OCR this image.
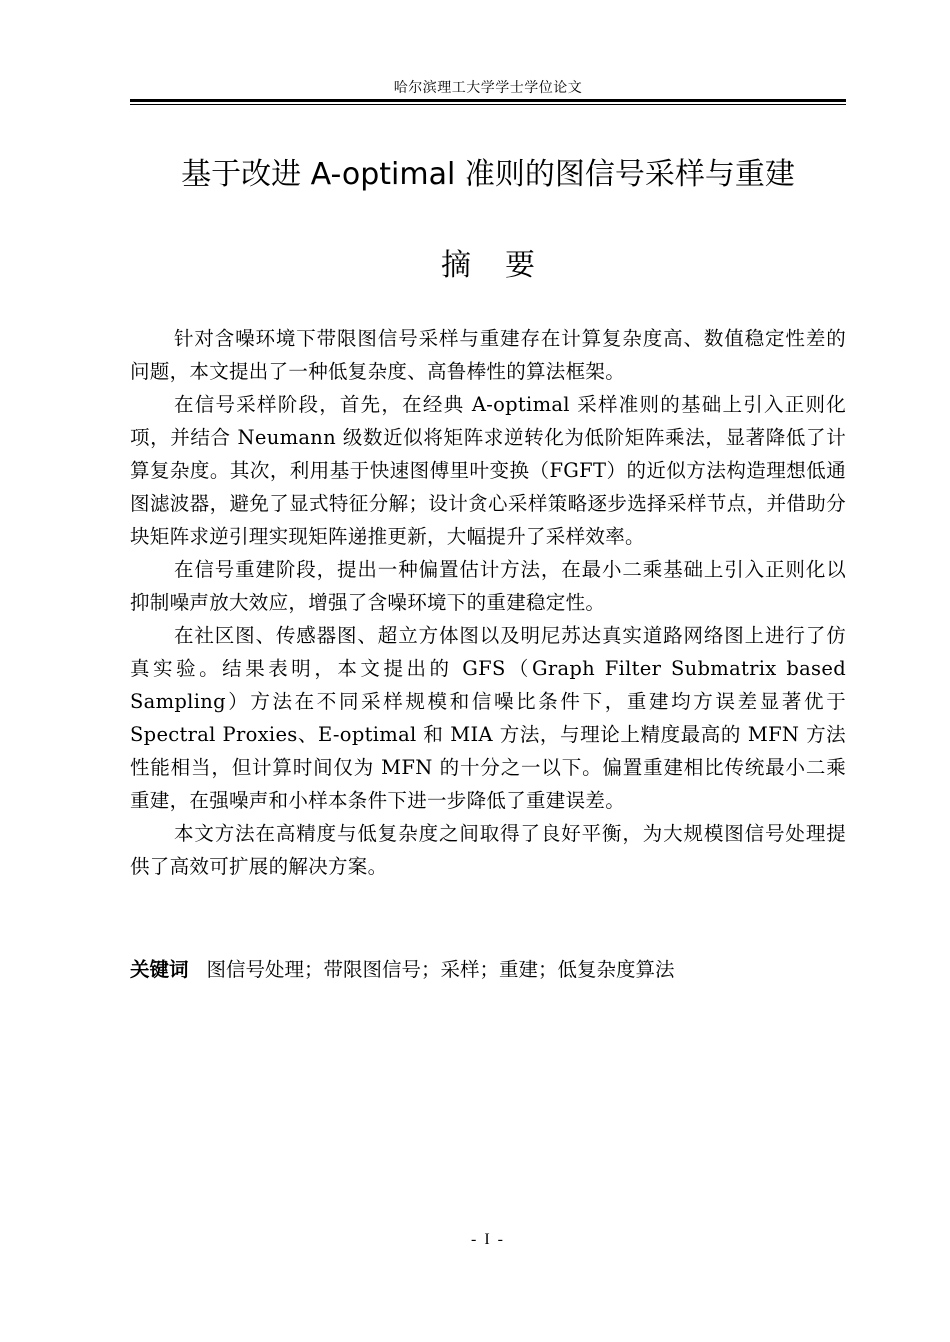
哈尔滨理工大学学士学位论文
基于改进 A-optimal 准则的图信号采样与重建
摘要

针对含噪环境下带限图信号采样与重建存在计算复杂度高、数值稳定性差的问题，本文提出了一种低复杂度、高鲁棒性的算法框架。

在信号采样阶段，首先，在经典 A-optimal 采样准则的基础上引入正则化项，并结合 Neumann 级数近似将矩阵求逆转化为低阶矩阵乘法，显著降低了计算复杂度。其次，利用基于快速图傅里叶变换（FGFT）的近似方法构造理想低通图滤波器，避免了显式特征分解；设计贪心采样策略逐步选择采样节点，并借助分块矩阵求逆引理实现矩阵递推更新，大幅提升了采样效率。

在信号重建阶段，提出一种偏置估计方法，在最小二乘基础上引入正则化以抑制噪声放大效应，增强了含噪环境下的重建稳定性。

在社区图、传感器图、超立方体图以及明尼苏达真实道路网络图上进行了仿真实验。结果表明，本文提出的 GFS（Graph Filter Submatrix based Sampling）方法在不同采样规模和信噪比条件下，重建均方误差显著优于 Spectral Proxies、E-optimal 和 MIA 方法，与理论上精度最高的 MFN 方法性能相当，但计算时间仅为 MFN 的十分之一以下。偏置重建相比传统最小二乘重建，在强噪声和小样本条件下进一步降低了重建误差。

本文方法在高精度与低复杂度之间取得了良好平衡，为大规模图信号处理提供了高效可扩展的解决方案。

关键词 图信号处理；带限图信号；采样；重建；低复杂度算法
- I -
